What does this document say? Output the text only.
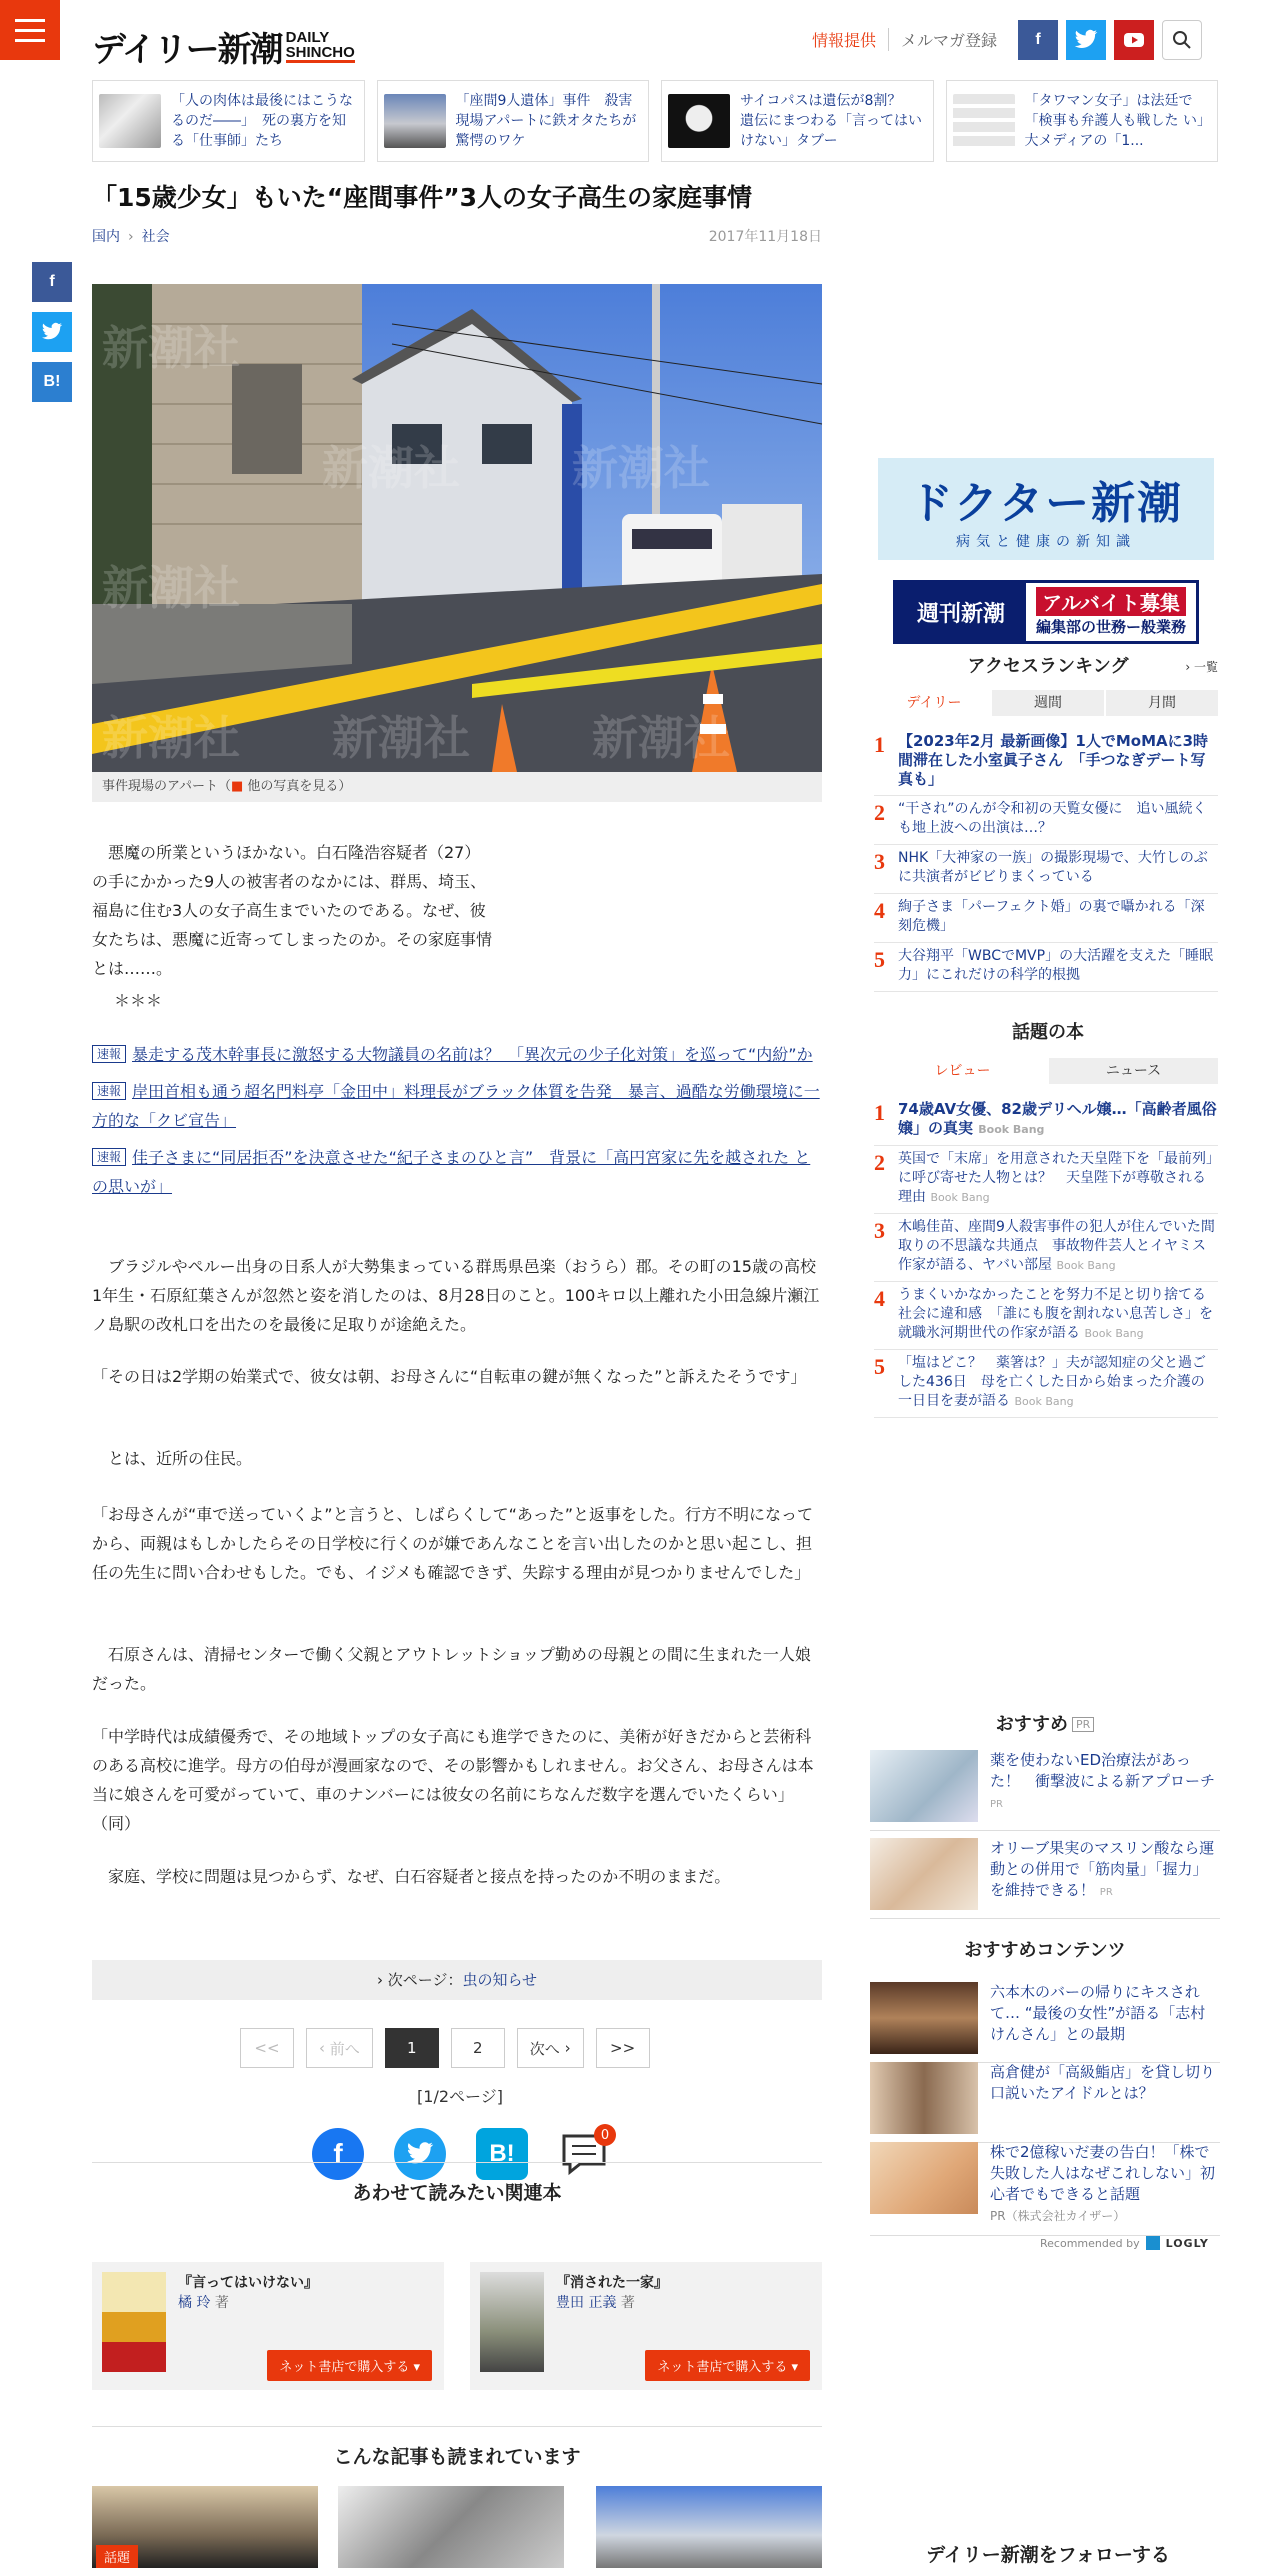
デイリー新潮 DAILY
SHINCHO
情報提供	メルマガ登録	f
「人の肉体は最後にはこうなるのだ――」　死の裏方を知る「仕事師」たち
「座間9人遺体」事件　殺害現場アパートに鉄オタたちが驚愕のワケ
サイコパスは遺伝が8割？　遺伝にまつわる「言ってはいけない」タブー
「タワマン女子」は法廷で「検事も弁護人も戦した い」　大メディアの「1...
「15歳少女」もいた“座間事件”3人の女子高生の家庭事情
国内 › 社会	2017年11月18日
f
B!
新潮社
新潮社
新潮社
新潮社
新潮社
新潮社
新潮社
事件現場のアパート（■ 他の写真を見る）

悪魔の所業というほかない。白石隆浩容疑者（27）の手にかかった9人の被害者のなかには、群馬、埼玉、福島に住む3人の女子高生までいたのである。なぜ、彼女たちは、悪魔に近寄ってしまったのか。その家庭事情とは……。

＊＊＊
速報 暴走する茂木幹事長に激怒する大物議員の名前は？　「異次元の少子化対策」を巡って“内紛”か
速報 岸田首相も通う超名門料亭「金田中」料理長がブラック体質を告発　暴言、過酷な労働環境に一方的な「クビ宣告」
速報 佳子さまに“同居拒否”を決意させた“紀子さまのひと言”　背景に「高円宮家に先を越された との思いが」
ブラジルやペルー出身の日系人が大勢集まっている群馬県邑楽（おうら）郡。その町の15歳の高校1年生・石原紅葉さんが忽然と姿を消したのは、8月28日のこと。100キロ以上離れた小田急線片瀬江ノ島駅の改札口を出たのを最後に足取りが途絶えた。
「その日は2学期の始業式で、彼女は朝、お母さんに“自転車の鍵が無くなった”と訴えたそうです」
とは、近所の住民。
「お母さんが“車で送っていくよ”と言うと、しばらくして“あった”と返事をした。行方不明になってから、両親はもしかしたらその日学校に行くのが嫌であんなことを言い出したのかと思い起こし、担任の先生に問い合わせもした。でも、イジメも確認できず、失踪する理由が見つかりませんでした」
石原さんは、清掃センターで働く父親とアウトレットショップ勤めの母親との間に生まれた一人娘だった。
「中学時代は成績優秀で、その地域トップの女子高にも進学できたのに、美術が好きだからと芸術科のある高校に進学。母方の伯母が漫画家なので、その影響かもしれません。お父さん、お母さんは本当に娘さんを可愛がっていて、車のナンバーには彼女の名前にちなんだ数字を選んでいたくらい」（同）
家庭、学校に問題は見つからず、なぜ、白石容疑者と接点を持ったのか不明のままだ。
› 次ページ：虫の知らせ
<<	‹ 前へ	1	2	次へ ›	>>
[1/2ページ]
f	B!
0
あわせて読みたい関連本
『言ってはいけない』
橘 玲 著
ネット書店で購入する ▾
『消された一家』
豊田 正義 著
ネット書店で購入する ▾
こんな記事も読まれています
話題
ドクター新潮
病気と健康の新知識
週刊新潮	アルバイト募集
編集部の世務ー般業務
アクセスランキング	› 一覧
デイリー	週間	月間
1 【2023年2月 最新画像】1人でMoMAに3時間滞在した小室眞子さん　「手つなぎデート写真も」
2 “干され”のんが令和初の天覧女優に　追い風続くも地上波への出演は…？
3 NHK「大神家の一族」の撮影現場で、大竹しのぶに共演者がビビりまくっている
4 絢子さま「パーフェクト婚」の裏で囁かれる「深刻危機」
5 大谷翔平「WBCでMVP」の大活躍を支えた「睡眠力」にこれだけの科学的根拠
話題の本
レビュー	ニュース
1 74歳AV女優、82歳デリヘル嬢…「高齢者風俗嬢」の真実 Book Bang
2 英国で「末席」を用意された天皇陛下を「最前列」に呼び寄せた人物とは？　天皇陛下が尊敬される理由 Book Bang
3 木嶋佳苗、座間9人殺害事件の犯人が住んでいた間取りの不思議な共通点　事故物件芸人とイヤミス作家が語る、ヤバい部屋 Book Bang
4 うまくいかなかったことを努力不足と切り捨てる社会に違和感　「誰にも腹を割れない息苦しさ」を就職氷河期世代の作家が語る Book Bang
5 「塩はどこ？　薬箸は？」夫が認知症の父と過ごした436日　母を亡くした日から始まった介護の一日目を妻が語る Book Bang
おすすめ PR
薬を使わないED治療法があった！　衝撃波による新アプローチ PR
オリーブ果実のマスリン酸なら運動との併用で「筋肉量」「握力」を維持できる！ PR
おすすめコンテンツ
六本木のバーの帰りにキスされて… “最後の女性”が語る「志村けんさん」との最期
高倉健が「高級鮨店」を貸し切り口説いたアイドルとは？
株で2億稼いだ妻の告白！「株で失敗した人はなぜこれしない」初心者でもできると話題
PR（株式会社カイザー）
Recommended by LOGLY
デイリー新潮をフォローする
